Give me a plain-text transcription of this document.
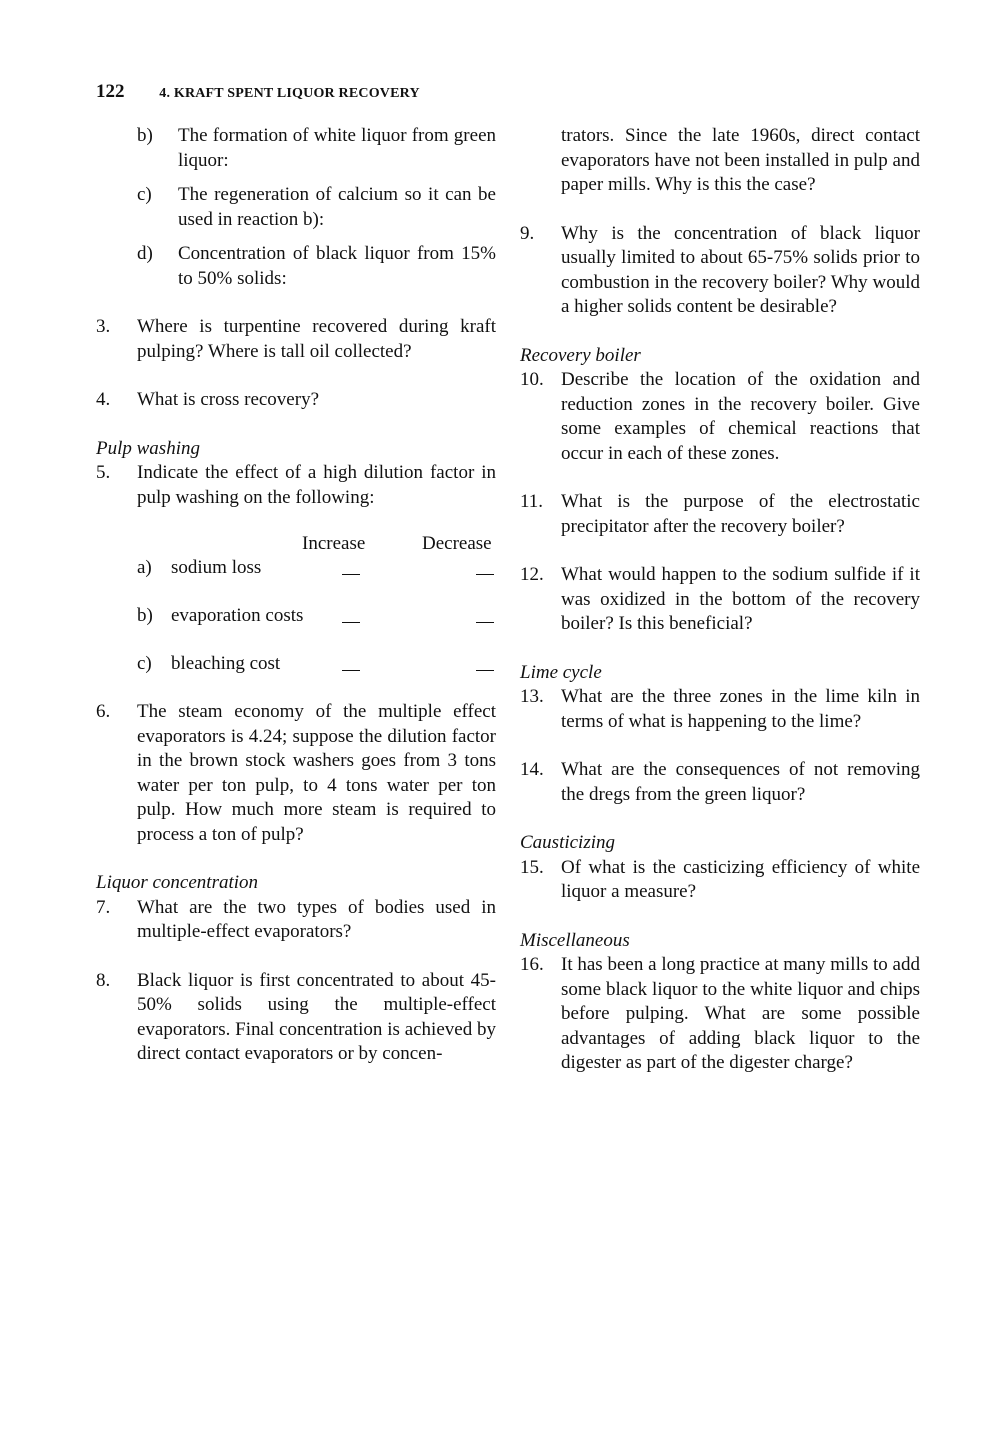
122 4. KRAFT SPENT LIQUOR RECOVERY
b) The formation of white liquor from green liquor:
c) The regeneration of calcium so it can be used in reaction b):
d) Concentration of black liquor from 15% to 50% solids:
3. Where is turpentine recovered during kraft pulping? Where is tall oil collected?
4. What is cross recovery?
Pulp washing
5. Indicate the effect of a high dilution factor in pulp washing on the following:
Increase	Decrease
a) sodium loss
b) evaporation costs
c) bleaching cost
6. The steam economy of the multiple effect evaporators is 4.24; suppose the dilution factor in the brown stock washers goes from 3 tons water per ton pulp, to 4 tons water per ton pulp. How much more steam is required to process a ton of pulp?
Liquor concentration
7. What are the two types of bodies used in multiple-effect evaporators?
8. Black liquor is first concentrated to about 45-50% solids using the multiple-effect evaporators. Final concentration is achieved by direct contact evaporators or by concen-
trators. Since the late 1960s, direct contact evaporators have not been installed in pulp and paper mills. Why is this the case?
9. Why is the concentration of black liquor usually limited to about 65-75% solids prior to combustion in the recovery boiler? Why would a higher solids content be desirable?
Recovery boiler
10. Describe the location of the oxidation and reduction zones in the recovery boiler. Give some examples of chemical reactions that occur in each of these zones.
11. What is the purpose of the electrostatic precipitator after the recovery boiler?
12. What would happen to the sodium sulfide if it was oxidized in the bottom of the recovery boiler? Is this beneficial?
Lime cycle
13. What are the three zones in the lime kiln in terms of what is happening to the lime?
14. What are the consequences of not removing the dregs from the green liquor?
Causticizing
15. Of what is the casticizing efficiency of white liquor a measure?
Miscellaneous
16. It has been a long practice at many mills to add some black liquor to the white liquor and chips before pulping. What are some possible advantages of adding black liquor to the digester as part of the digester charge?
